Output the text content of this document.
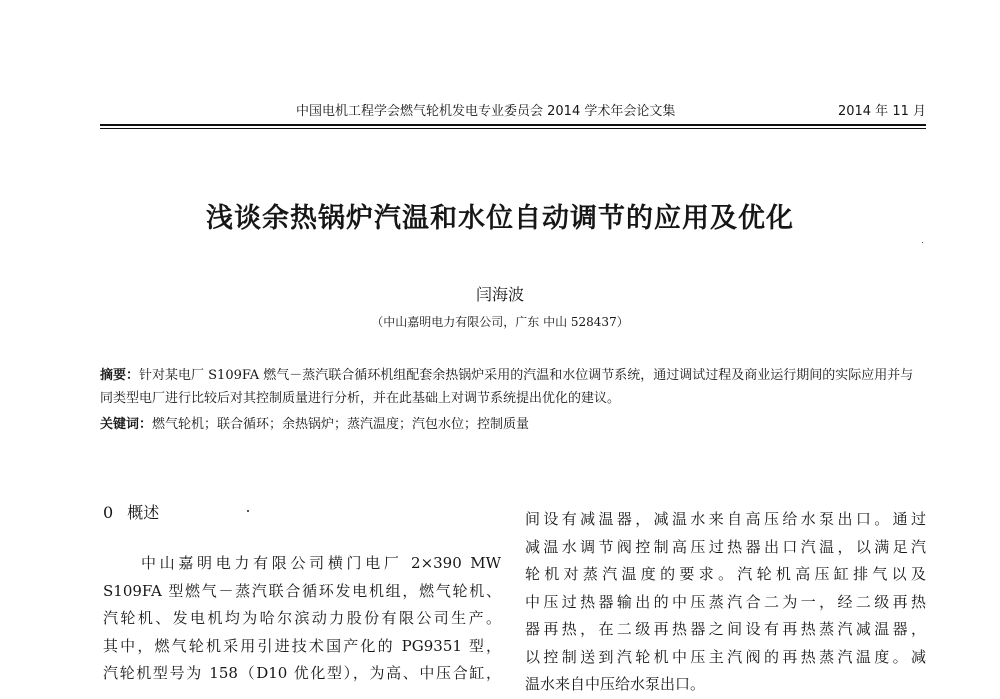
中国电机工程学会燃气轮机发电专业委员会 2014 学术年会论文集	2014 年 11 月
浅谈余热锅炉汽温和水位自动调节的应用及优化
闫海波
（中山嘉明电力有限公司，广东 中山 528437）
摘要：针对某电厂 S109FA 燃气－蒸汽联合循环机组配套余热锅炉采用的汽温和水位调节系统，通过调试过程及商业运行期间的实际应用并与同类型电厂进行比较后对其控制质量进行分析，并在此基础上对调节系统提出优化的建议。
关键词：燃气轮机；联合循环；余热锅炉；蒸汽温度；汽包水位；控制质量
0 概述
中山嘉明电力有限公司横门电厂 2×390 MW
S109FA 型燃气－蒸汽联合循环发电机组，燃气轮机、
汽轮机、发电机均为哈尔滨动力股份有限公司生产。
其中，燃气轮机采用引进技术国产化的 PG9351 型，
汽轮机型号为 158（D10 优化型），为高、中压合缸，
间设有减温器，减温水来自高压给水泵出口。通过
减温水调节阀控制高压过热器出口汽温，以满足汽
轮机对蒸汽温度的要求。汽轮机高压缸排气以及
中压过热器输出的中压蒸汽合二为一，经二级再热
器再热，在二级再热器之间设有再热蒸汽减温器，
以控制送到汽轮机中压主汽阀的再热蒸汽温度。减
温水来自中压给水泵出口。
